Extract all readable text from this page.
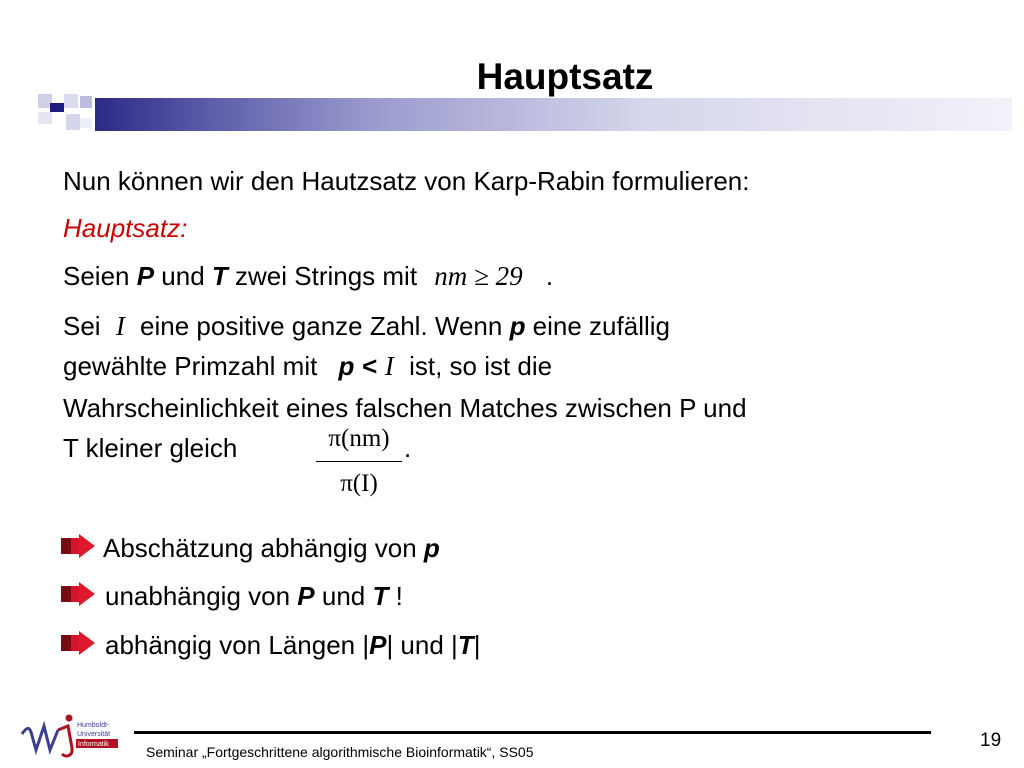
Hauptsatz
Nun können wir den Hautzsatz von Karp-Rabin formulieren:
Hauptsatz:
Seien P und T zwei Strings mit nm ≥ 29 .
Sei I eine positive ganze Zahl. Wenn p eine zufällig
gewählte Primzahl mit p < I ist, so ist die
Wahrscheinlichkeit eines falschen Matches zwischen P und
T kleiner gleich	.
π(nm)
π(I)
Abschätzung abhängig von p
unabhängig von P und T !
abhängig von Längen |P| und |T|
Humboldt-
Universität
Informatik	Seminar „Fortgeschrittene algorithmische Bioinformatik“, SS05
19
